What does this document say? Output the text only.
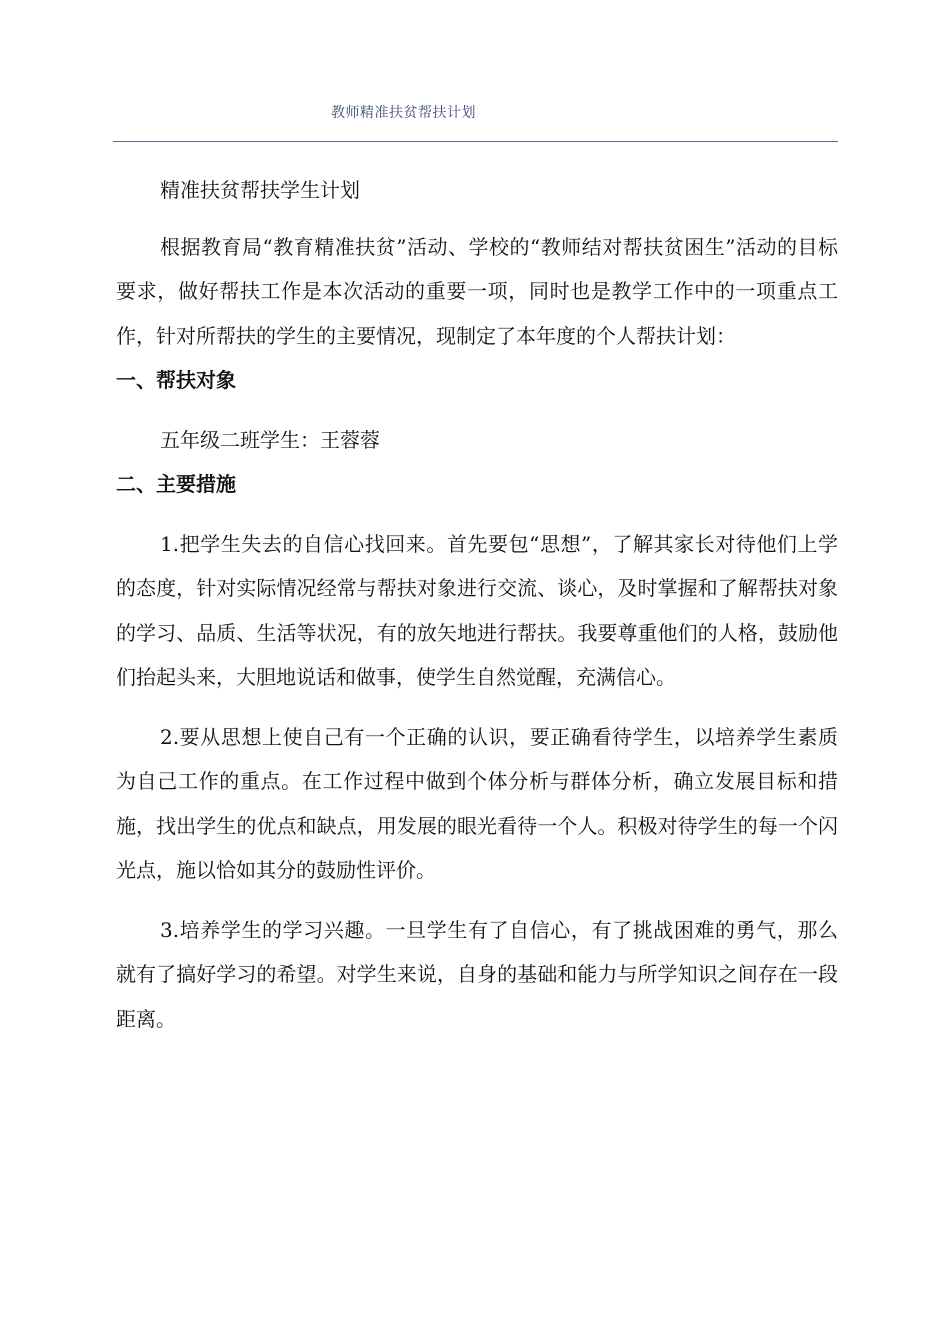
教师精准扶贫帮扶计划

精准扶贫帮扶学生计划

根据教育局“教育精准扶贫”活动、学校的“教师结对帮扶贫困生”活动的目标要求，做好帮扶工作是本次活动的重要一项，同时也是教学工作中的一项重点工作，针对所帮扶的学生的主要情况，现制定了本年度的个人帮扶计划：

一、帮扶对象

五年级二班学生：王蓉蓉

二、主要措施

1.把学生失去的自信心找回来。首先要包“思想”，了解其家长对待他们上学的态度，针对实际情况经常与帮扶对象进行交流、谈心，及时掌握和了解帮扶对象的学习、品质、生活等状况，有的放矢地进行帮扶。我要尊重他们的人格，鼓励他们抬起头来，大胆地说话和做事，使学生自然觉醒，充满信心。

2.要从思想上使自己有一个正确的认识，要正确看待学生，以培养学生素质为自己工作的重点。在工作过程中做到个体分析与群体分析，确立发展目标和措施，找出学生的优点和缺点，用发展的眼光看待一个人。积极对待学生的每一个闪光点，施以恰如其分的鼓励性评价。

3.培养学生的学习兴趣。一旦学生有了自信心，有了挑战困难的勇气，那么就有了搞好学习的希望。对学生来说，自身的基础和能力与所学知识之间存在一段距离。
